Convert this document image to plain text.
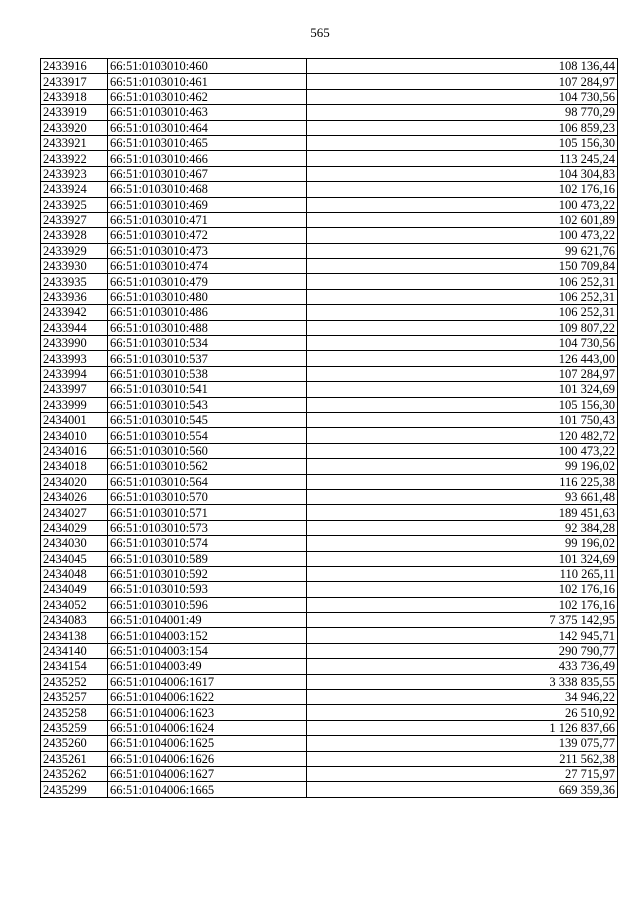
565
2433916	66:51:0103010:460	108 136,44
2433917	66:51:0103010:461	107 284,97
2433918	66:51:0103010:462	104 730,56
2433919	66:51:0103010:463	98 770,29
2433920	66:51:0103010:464	106 859,23
2433921	66:51:0103010:465	105 156,30
2433922	66:51:0103010:466	113 245,24
2433923	66:51:0103010:467	104 304,83
2433924	66:51:0103010:468	102 176,16
2433925	66:51:0103010:469	100 473,22
2433927	66:51:0103010:471	102 601,89
2433928	66:51:0103010:472	100 473,22
2433929	66:51:0103010:473	99 621,76
2433930	66:51:0103010:474	150 709,84
2433935	66:51:0103010:479	106 252,31
2433936	66:51:0103010:480	106 252,31
2433942	66:51:0103010:486	106 252,31
2433944	66:51:0103010:488	109 807,22
2433990	66:51:0103010:534	104 730,56
2433993	66:51:0103010:537	126 443,00
2433994	66:51:0103010:538	107 284,97
2433997	66:51:0103010:541	101 324,69
2433999	66:51:0103010:543	105 156,30
2434001	66:51:0103010:545	101 750,43
2434010	66:51:0103010:554	120 482,72
2434016	66:51:0103010:560	100 473,22
2434018	66:51:0103010:562	99 196,02
2434020	66:51:0103010:564	116 225,38
2434026	66:51:0103010:570	93 661,48
2434027	66:51:0103010:571	189 451,63
2434029	66:51:0103010:573	92 384,28
2434030	66:51:0103010:574	99 196,02
2434045	66:51:0103010:589	101 324,69
2434048	66:51:0103010:592	110 265,11
2434049	66:51:0103010:593	102 176,16
2434052	66:51:0103010:596	102 176,16
2434083	66:51:0104001:49	7 375 142,95
2434138	66:51:0104003:152	142 945,71
2434140	66:51:0104003:154	290 790,77
2434154	66:51:0104003:49	433 736,49
2435252	66:51:0104006:1617	3 338 835,55
2435257	66:51:0104006:1622	34 946,22
2435258	66:51:0104006:1623	26 510,92
2435259	66:51:0104006:1624	1 126 837,66
2435260	66:51:0104006:1625	139 075,77
2435261	66:51:0104006:1626	211 562,38
2435262	66:51:0104006:1627	27 715,97
2435299	66:51:0104006:1665	669 359,36
